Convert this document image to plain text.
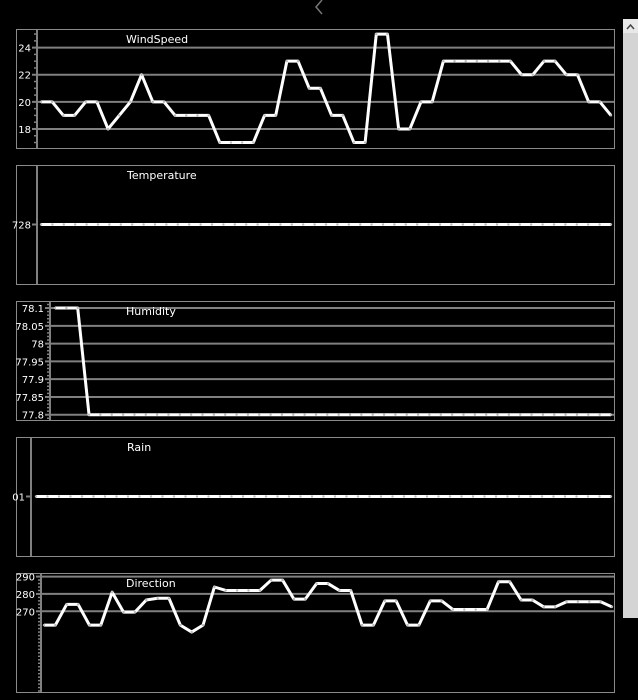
18
20
22
24
WindSpeed
728
Temperature
77.8
77.85
77.9
77.95
78
78.05
78.1	Humidity
01
Rain
270
280
290	Direction
